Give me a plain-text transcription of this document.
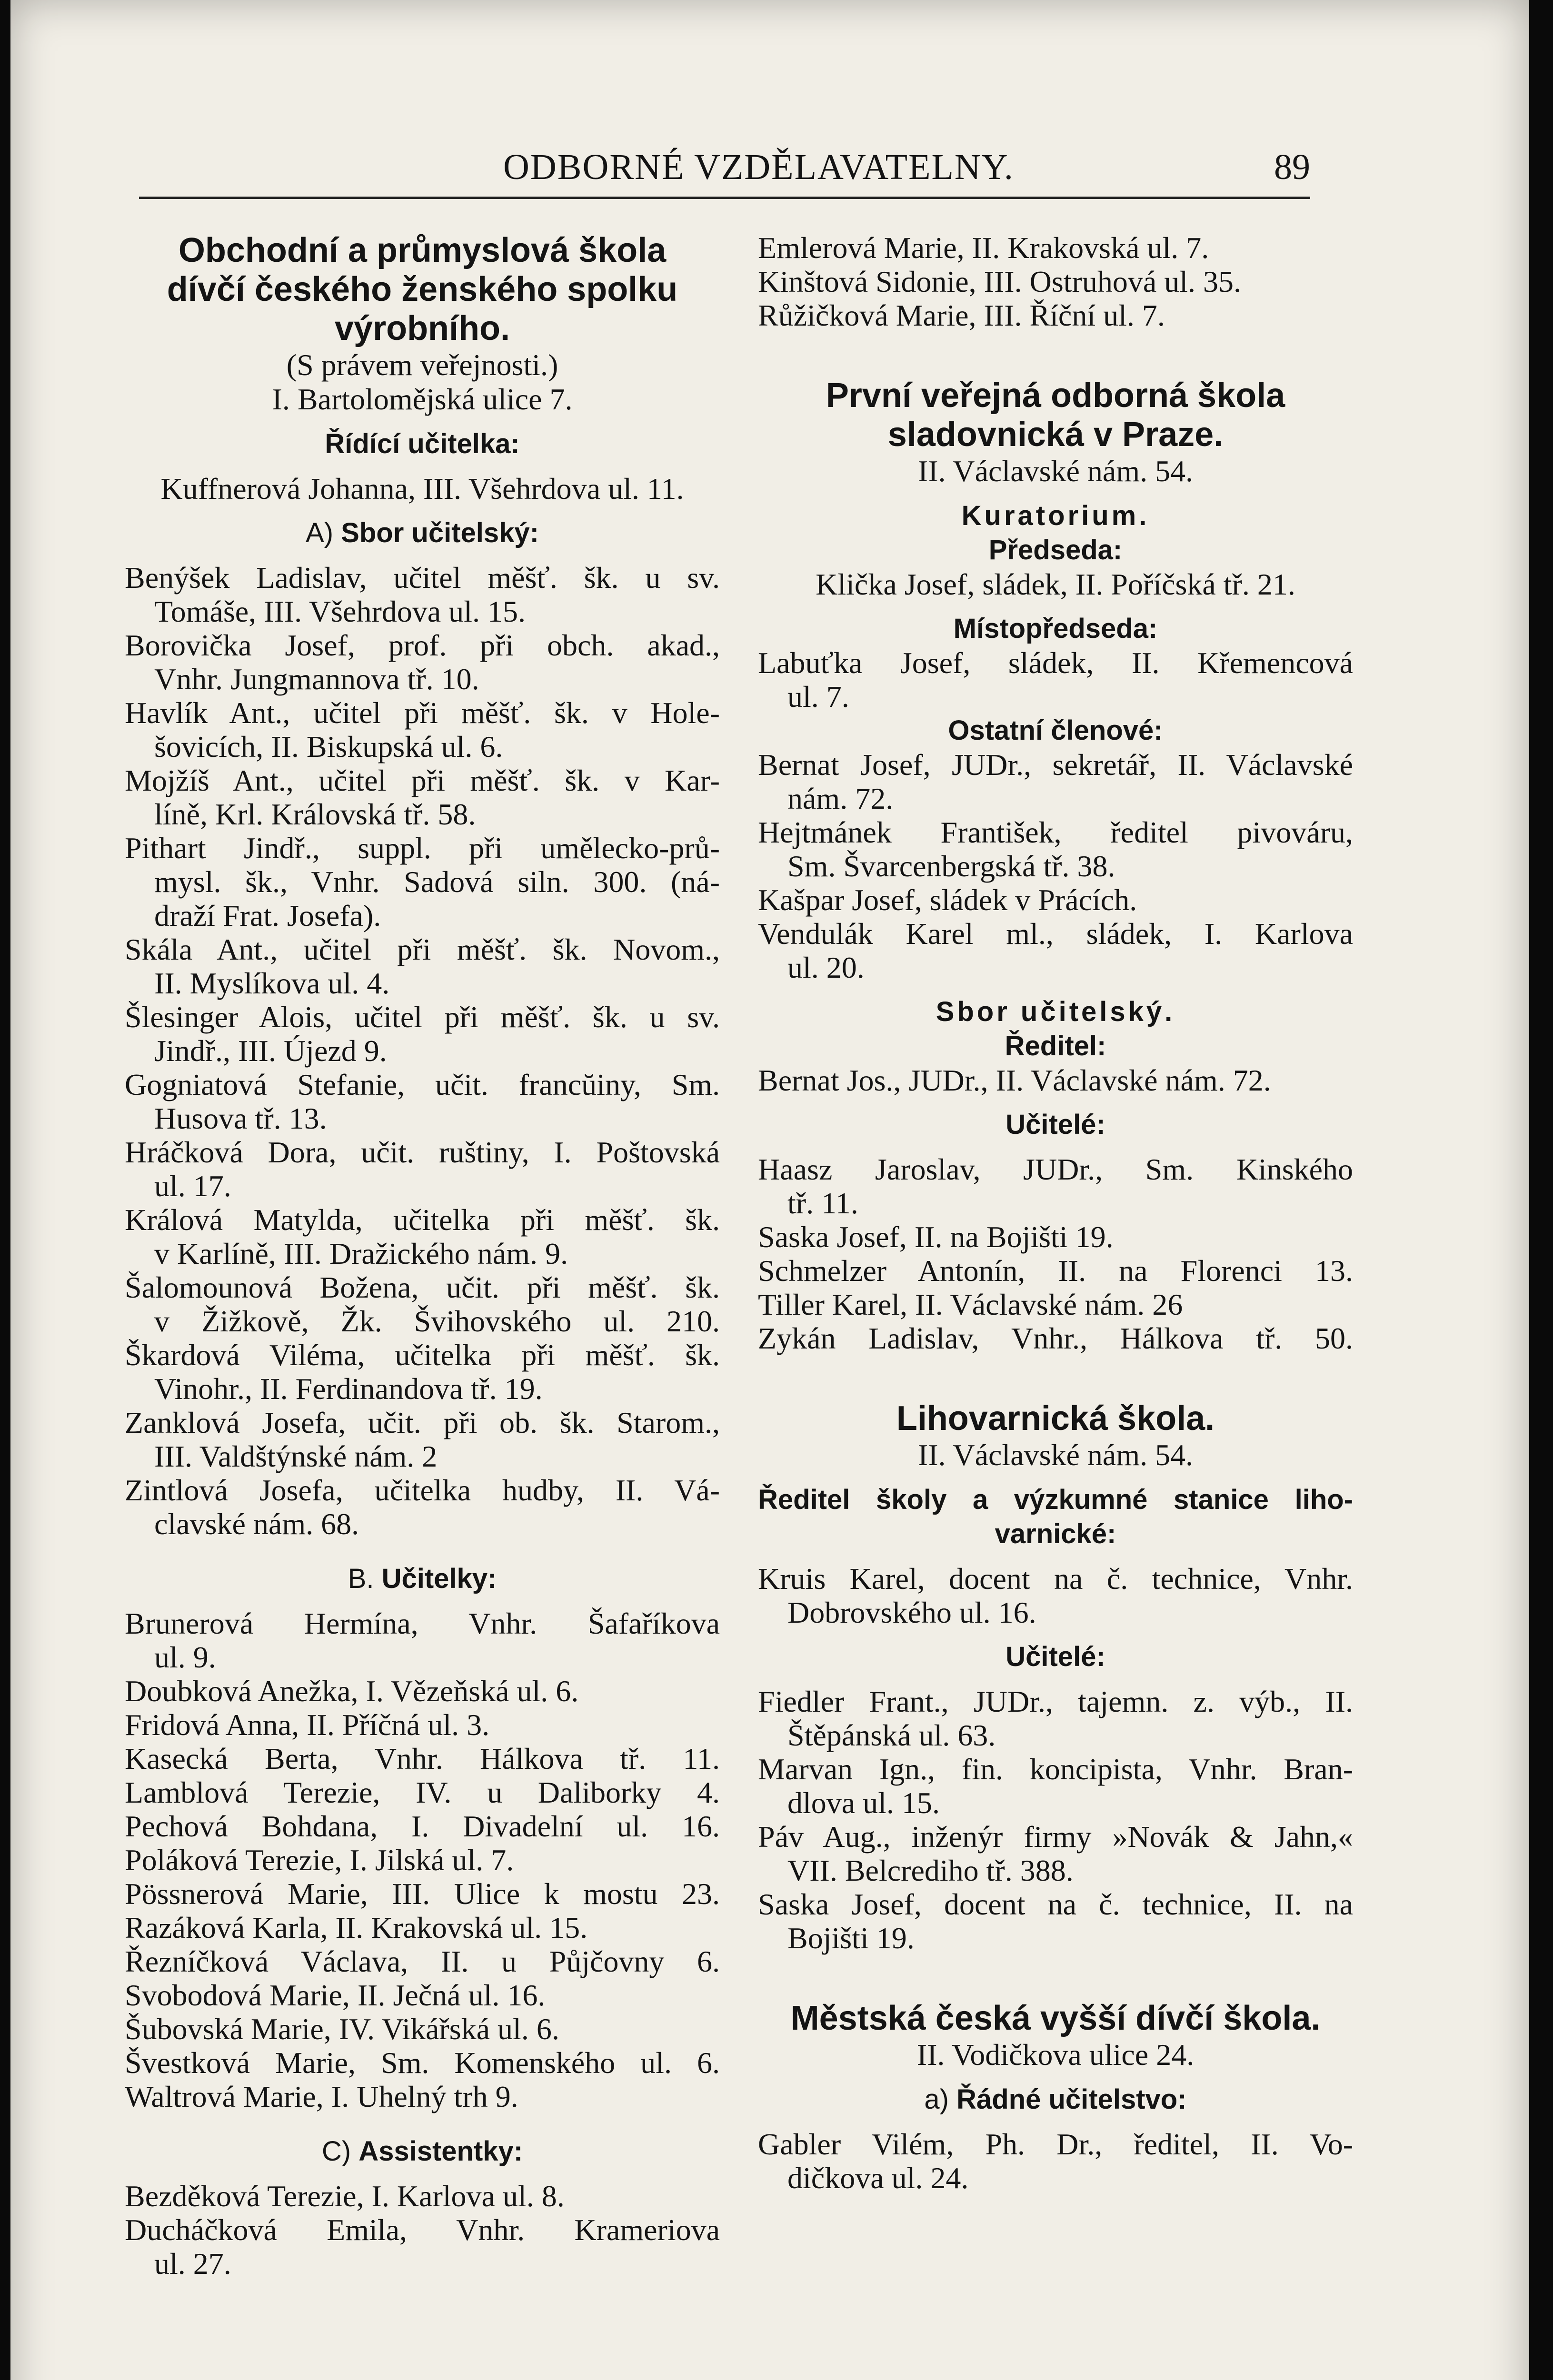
ODBORNÉ VZDĚLAVATELNY.	89
Obchodní a průmyslová škola
dívčí českého ženského spolku
výrobního.
(S právem veřejnosti.)
I. Bartolomějská ulice 7.
Řídící učitelka:
Kuffnerová Johanna, III. Všehrdova ul. 11.
A) Sbor učitelský:
Benýšek Ladislav, učitel měšť. šk. u sv.
Tomáše, III. Všehrdova ul. 15.
Borovička Josef, prof. při obch. akad.,
Vnhr. Jungmannova tř. 10.
Havlík Ant., učitel při měšť. šk. v Hole-
šovicích, II. Biskupská ul. 6.
Mojžíš Ant., učitel při měšť. šk. v Kar-
líně, Krl. Královská tř. 58.
Pithart Jindř., suppl. při umělecko-prů-
mysl. šk., Vnhr. Sadová siln. 300. (ná-
draží Frat. Josefa).
Skála Ant., učitel při měšť. šk. Novom.,
II. Myslíkova ul. 4.
Šlesinger Alois, učitel při měšť. šk. u sv.
Jindř., III. Újezd 9.
Gogniatová Stefanie, učit. francŭiny, Sm.
Husova tř. 13.
Hráčková Dora, učit. ruštiny, I. Poštovská
ul. 17.
Králová Matylda, učitelka při měšť. šk.
v Karlíně, III. Dražického nám. 9.
Šalomounová Božena, učit. při měšť. šk.
v Žižkově, Žk. Švihovského ul. 210.
Škardová Viléma, učitelka při měšť. šk.
Vinohr., II. Ferdinandova tř. 19.
Zanklová Josefa, učit. při ob. šk. Starom.,
III. Valdštýnské nám. 2
Zintlová Josefa, učitelka hudby, II. Vá-
clavské nám. 68.
B. Učitelky:
Brunerová Hermína, Vnhr. Šafaříkova
ul. 9.
Doubková Anežka, I. Vězeňská ul. 6.
Fridová Anna, II. Příčná ul. 3.
Kasecká Berta, Vnhr. Hálkova tř. 11.
Lamblová Terezie, IV. u Daliborky 4.
Pechová Bohdana, I. Divadelní ul. 16.
Poláková Terezie, I. Jilská ul. 7.
Pössnerová Marie, III. Ulice k mostu 23.
Razáková Karla, II. Krakovská ul. 15.
Řezníčková Václava, II. u Půjčovny 6.
Svobodová Marie, II. Ječná ul. 16.
Šubovská Marie, IV. Vikářská ul. 6.
Švestková Marie, Sm. Komenského ul. 6.
Waltrová Marie, I. Uhelný trh 9.
C) Assistentky:
Bezděková Terezie, I. Karlova ul. 8.
Ducháčková Emila, Vnhr. Krameriova
ul. 27.
Emlerová Marie, II. Krakovská ul. 7.
Kinštová Sidonie, III. Ostruhová ul. 35.
Růžičková Marie, III. Říční ul. 7.
První veřejná odborná škola
sladovnická v Praze.
II. Václavské nám. 54.
Kuratorium.
Předseda:
Klička Josef, sládek, II. Poříčská tř. 21.
Místopředseda:
Labuťka Josef, sládek, II. Křemencová
ul. 7.
Ostatní členové:
Bernat Josef, JUDr., sekretář, II. Václavské
nám. 72.
Hejtmánek František, ředitel pivováru,
Sm. Švarcenbergská tř. 38.
Kašpar Josef, sládek v Prácích.
Vendulák Karel ml., sládek, I. Karlova
ul. 20.
Sbor učitelský.
Ředitel:
Bernat Jos., JUDr., II. Václavské nám. 72.
Učitelé:
Haasz Jaroslav, JUDr., Sm. Kinského
tř. 11.
Saska Josef, II. na Bojišti 19.
Schmelzer Antonín, II. na Florenci 13.
Tiller Karel, II. Václavské nám. 26
Zykán Ladislav, Vnhr., Hálkova tř. 50.
Lihovarnická škola.
II. Václavské nám. 54.
Ředitel školy a výzkumné stanice liho-
varnické:
Kruis Karel, docent na č. technice, Vnhr.
Dobrovského ul. 16.
Učitelé:
Fiedler Frant., JUDr., tajemn. z. výb., II.
Štěpánská ul. 63.
Marvan Ign., fin. koncipista, Vnhr. Bran-
dlova ul. 15.
Páv Aug., inženýr firmy »Novák & Jahn,«
VII. Belcrediho tř. 388.
Saska Josef, docent na č. technice, II. na
Bojišti 19.
Městská česká vyšší dívčí škola.
II. Vodičkova ulice 24.
a) Řádné učitelstvo:
Gabler Vilém, Ph. Dr., ředitel, II. Vo-
dičkova ul. 24.
